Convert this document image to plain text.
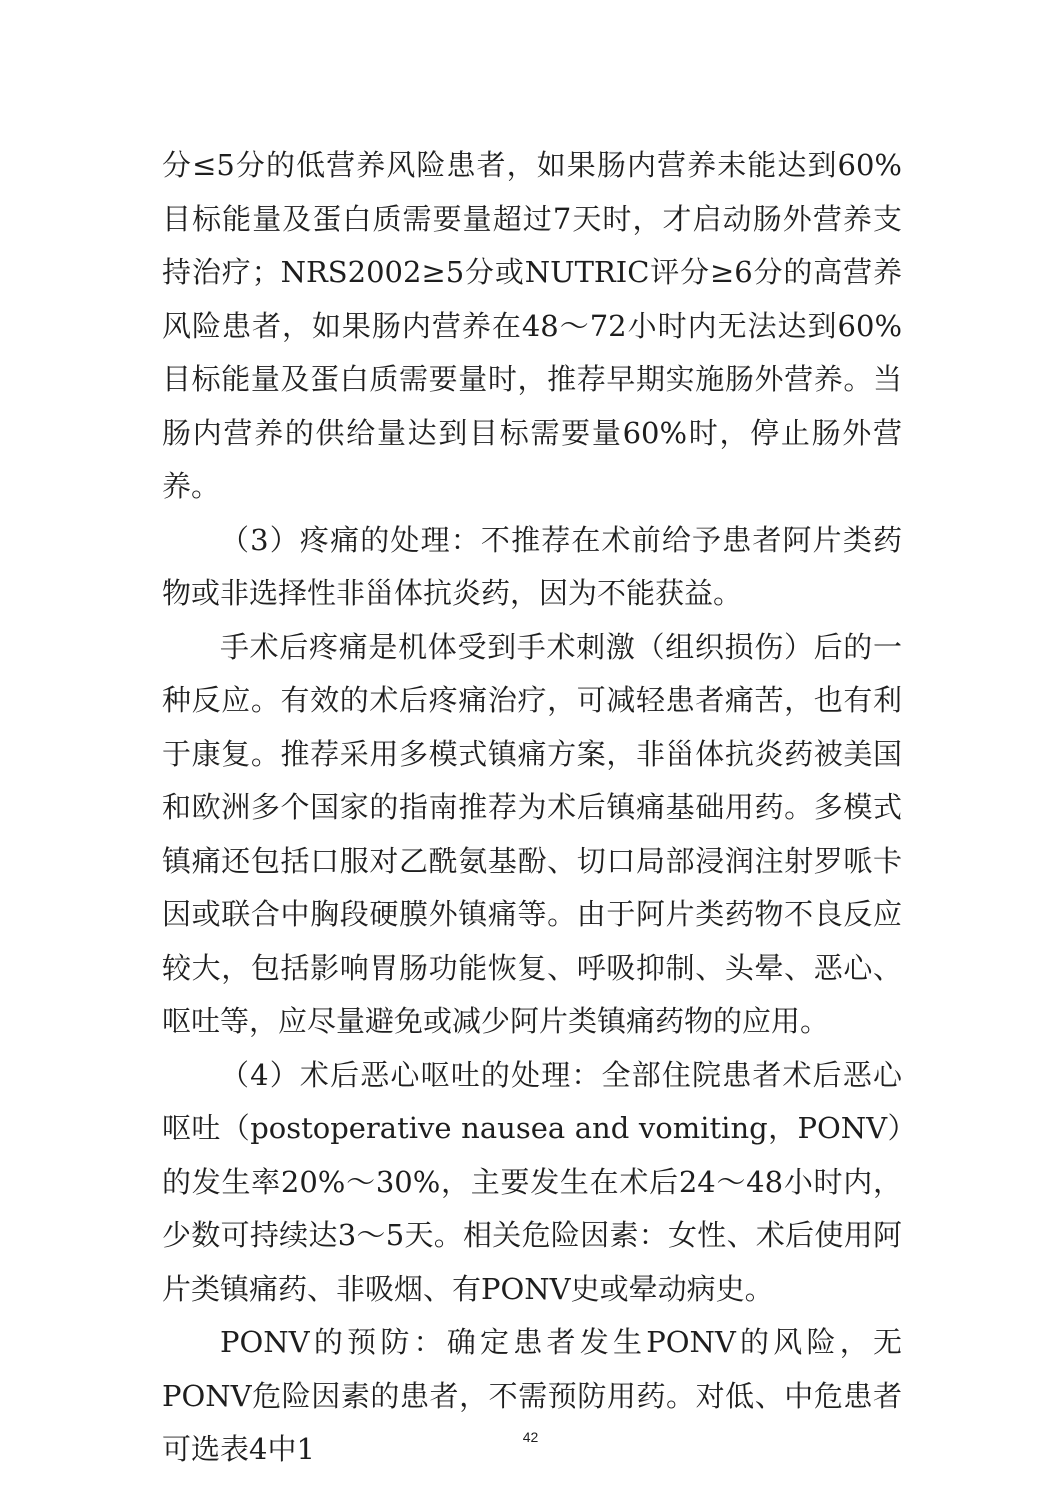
分≤5分的低营养风险患者，如果肠内营养未能达到60%目标能量及蛋白质需要量超过7天时，才启动肠外营养支持治疗；NRS2002≥5分或NUTRIC评分≥6分的高营养风险患者，如果肠内营养在48～72小时内无法达到60%目标能量及蛋白质需要量时，推荐早期实施肠外营养。当肠内营养的供给量达到目标需要量60%时，停止肠外营养。

（3）疼痛的处理：不推荐在术前给予患者阿片类药物或非选择性非甾体抗炎药，因为不能获益。

手术后疼痛是机体受到手术刺激（组织损伤）后的一种反应。有效的术后疼痛治疗，可减轻患者痛苦，也有利于康复。推荐采用多模式镇痛方案，非甾体抗炎药被美国和欧洲多个国家的指南推荐为术后镇痛基础用药。多模式镇痛还包括口服对乙酰氨基酚、切口局部浸润注射罗哌卡因或联合中胸段硬膜外镇痛等。由于阿片类药物不良反应较大，包括影响胃肠功能恢复、呼吸抑制、头晕、恶心、呕吐等，应尽量避免或减少阿片类镇痛药物的应用。

（4）术后恶心呕吐的处理：全部住院患者术后恶心呕吐（postoperative nausea and vomiting，PONV）的发生率20%～30%，主要发生在术后24～48小时内，少数可持续达3～5天。相关危险因素：女性、术后使用阿片类镇痛药、非吸烟、有PONV史或晕动病史。

PONV的预防：确定患者发生PONV的风险，无PONV危险因素的患者，不需预防用药。对低、中危患者可选表4中1	42
